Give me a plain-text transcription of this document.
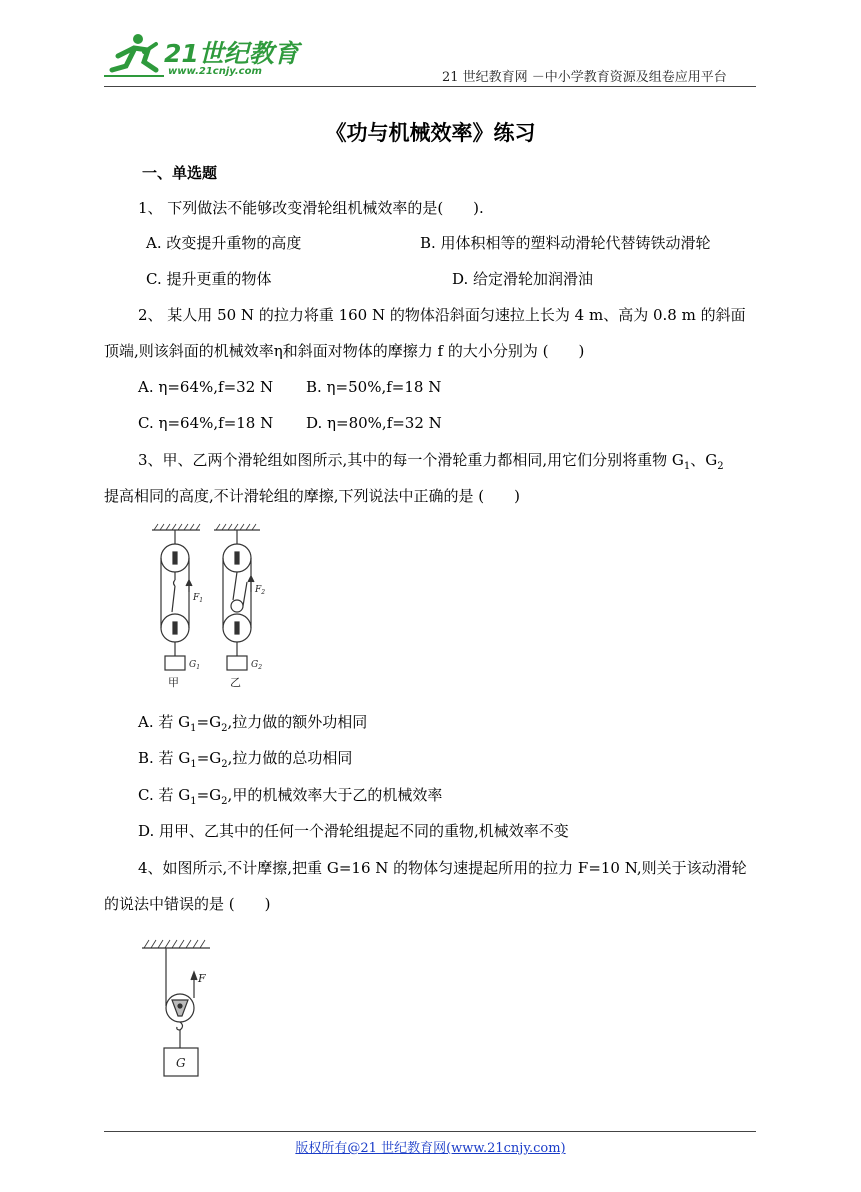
21世纪教育
www.21cnjy.com	21 世纪教育网 －中小学教育资源及组卷应用平台
《功与机械效率》练习
一、单选题
1、 下列做法不能够改变滑轮组机械效率的是(　　).
A. 改变提升重物的高度	B. 用体积相等的塑料动滑轮代替铸铁动滑轮
C. 提升更重的物体	D. 给定滑轮加润滑油
2、 某人用 50 N 的拉力将重 160 N 的物体沿斜面匀速拉上长为 4 m、高为 0.8 m 的斜面
顶端,则该斜面的机械效率η和斜面对物体的摩擦力 f 的大小分别为 (　　)
A. η=64%,f=32 N B. η=50%,f=18 N
C. η=64%,f=18 N D. η=80%,f=32 N
3、甲、乙两个滑轮组如图所示,其中的每一个滑轮重力都相同,用它们分别将重物 $G_1$、$G_2$
提高相同的高度,不计滑轮组的摩擦,下列说法中正确的是 (　　)
$F_1$
$F_2$
$G_1$	$G_2$
甲	乙
A. 若 $G_1=G_2$,拉力做的额外功相同
B. 若 $G_1=G_2$,拉力做的总功相同
C. 若 $G_1=G_2$,甲的机械效率大于乙的机械效率
D. 用甲、乙其中的任何一个滑轮组提起不同的重物,机械效率不变
4、如图所示,不计摩擦,把重 G=16 N 的物体匀速提起所用的拉力 F=10 N,则关于该动滑轮
的说法中错误的是 (　　)
F
G
版权所有@21 世纪教育网(www.21cnjy.com)
